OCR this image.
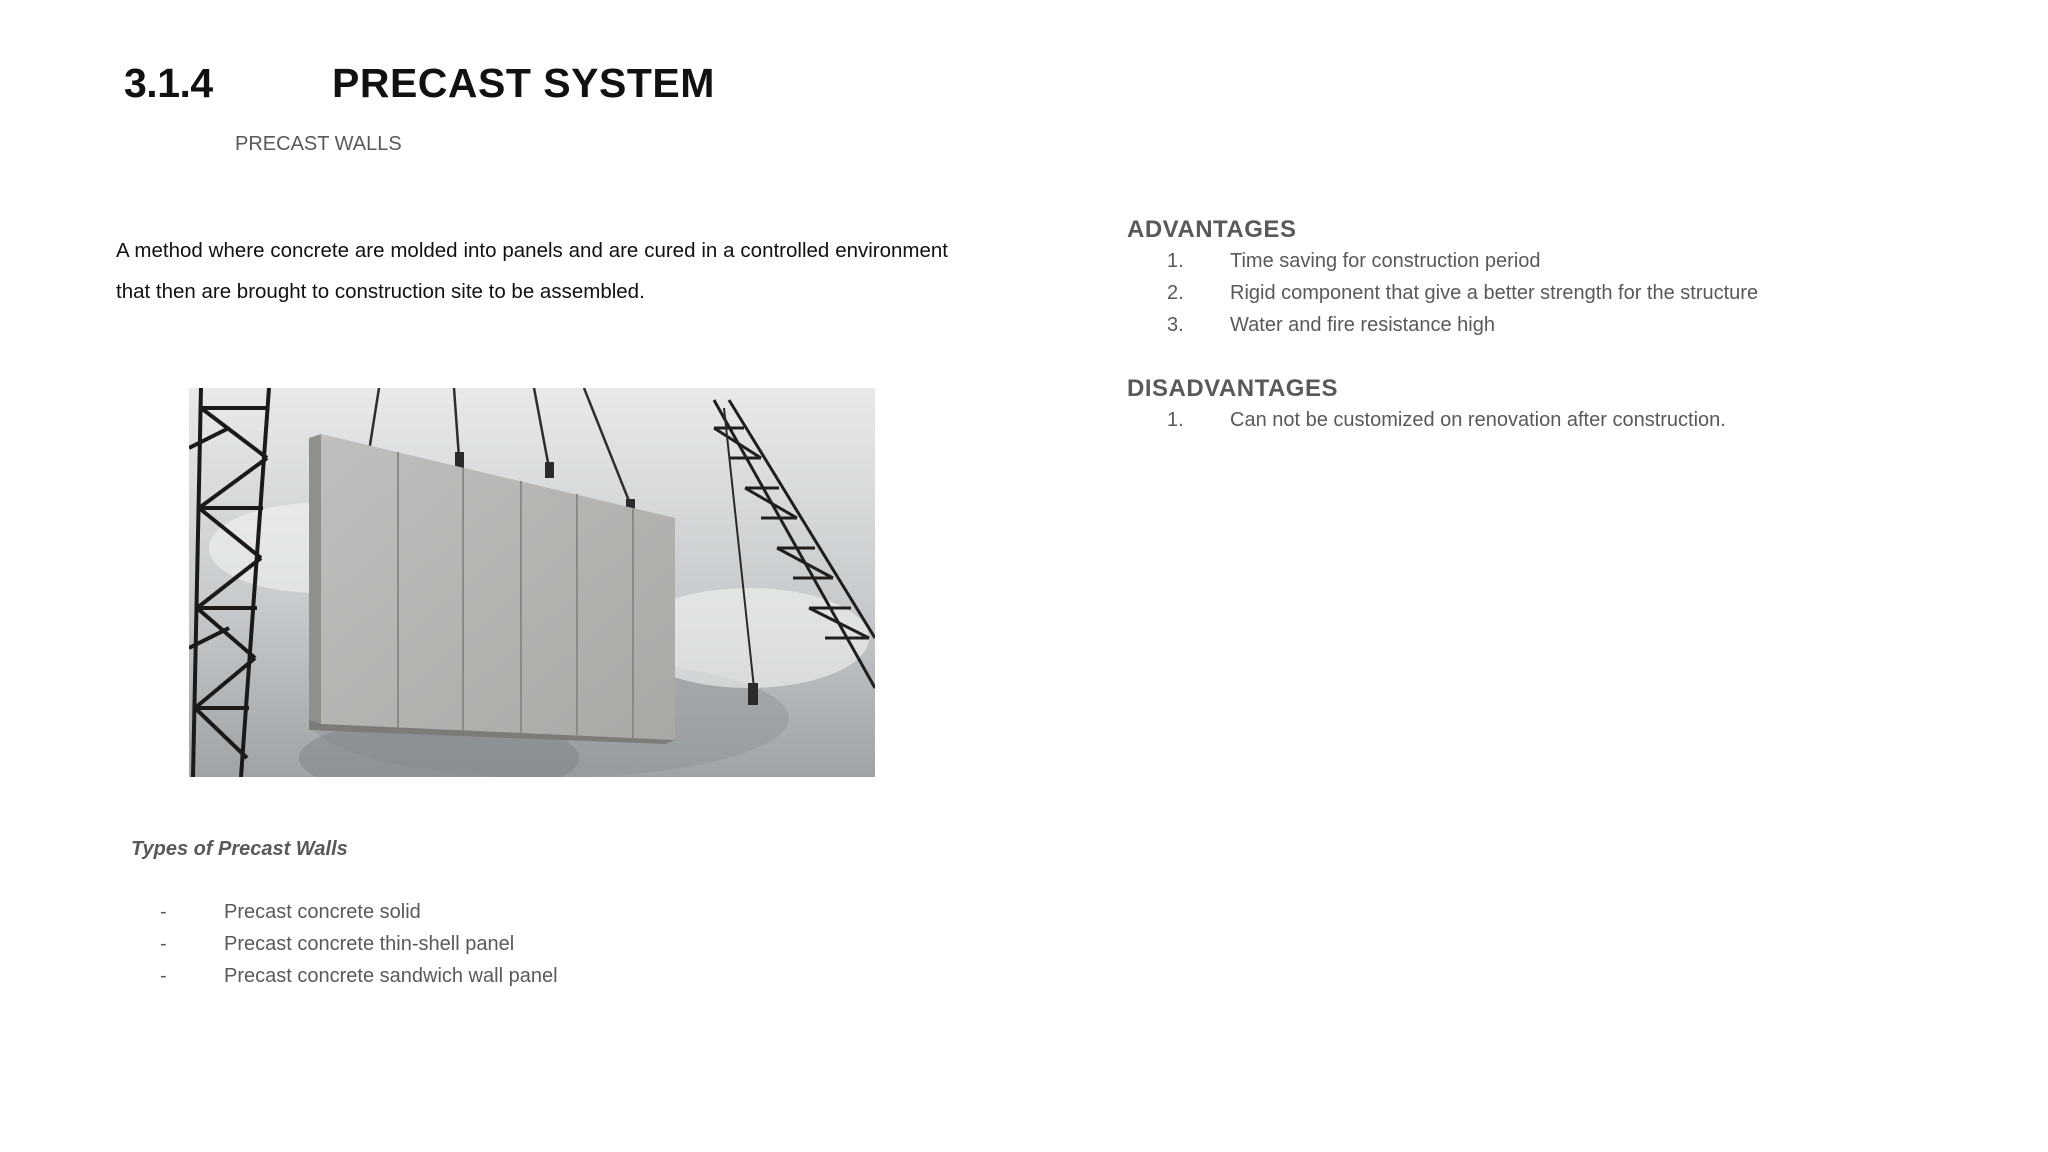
3.1.4	PRECAST SYSTEM
PRECAST WALLS
A method where concrete are molded into panels and are cured in a controlled environment that then are brought to construction site to be assembled.
Types of Precast Walls
-	Precast concrete solid
-	Precast concrete thin-shell panel
-	Precast concrete sandwich wall panel
ADVANTAGES
1. Time saving for construction period
2. Rigid component that give a better strength for the structure
3. Water and fire resistance high
DISADVANTAGES
1. Can not be customized on renovation after construction.
